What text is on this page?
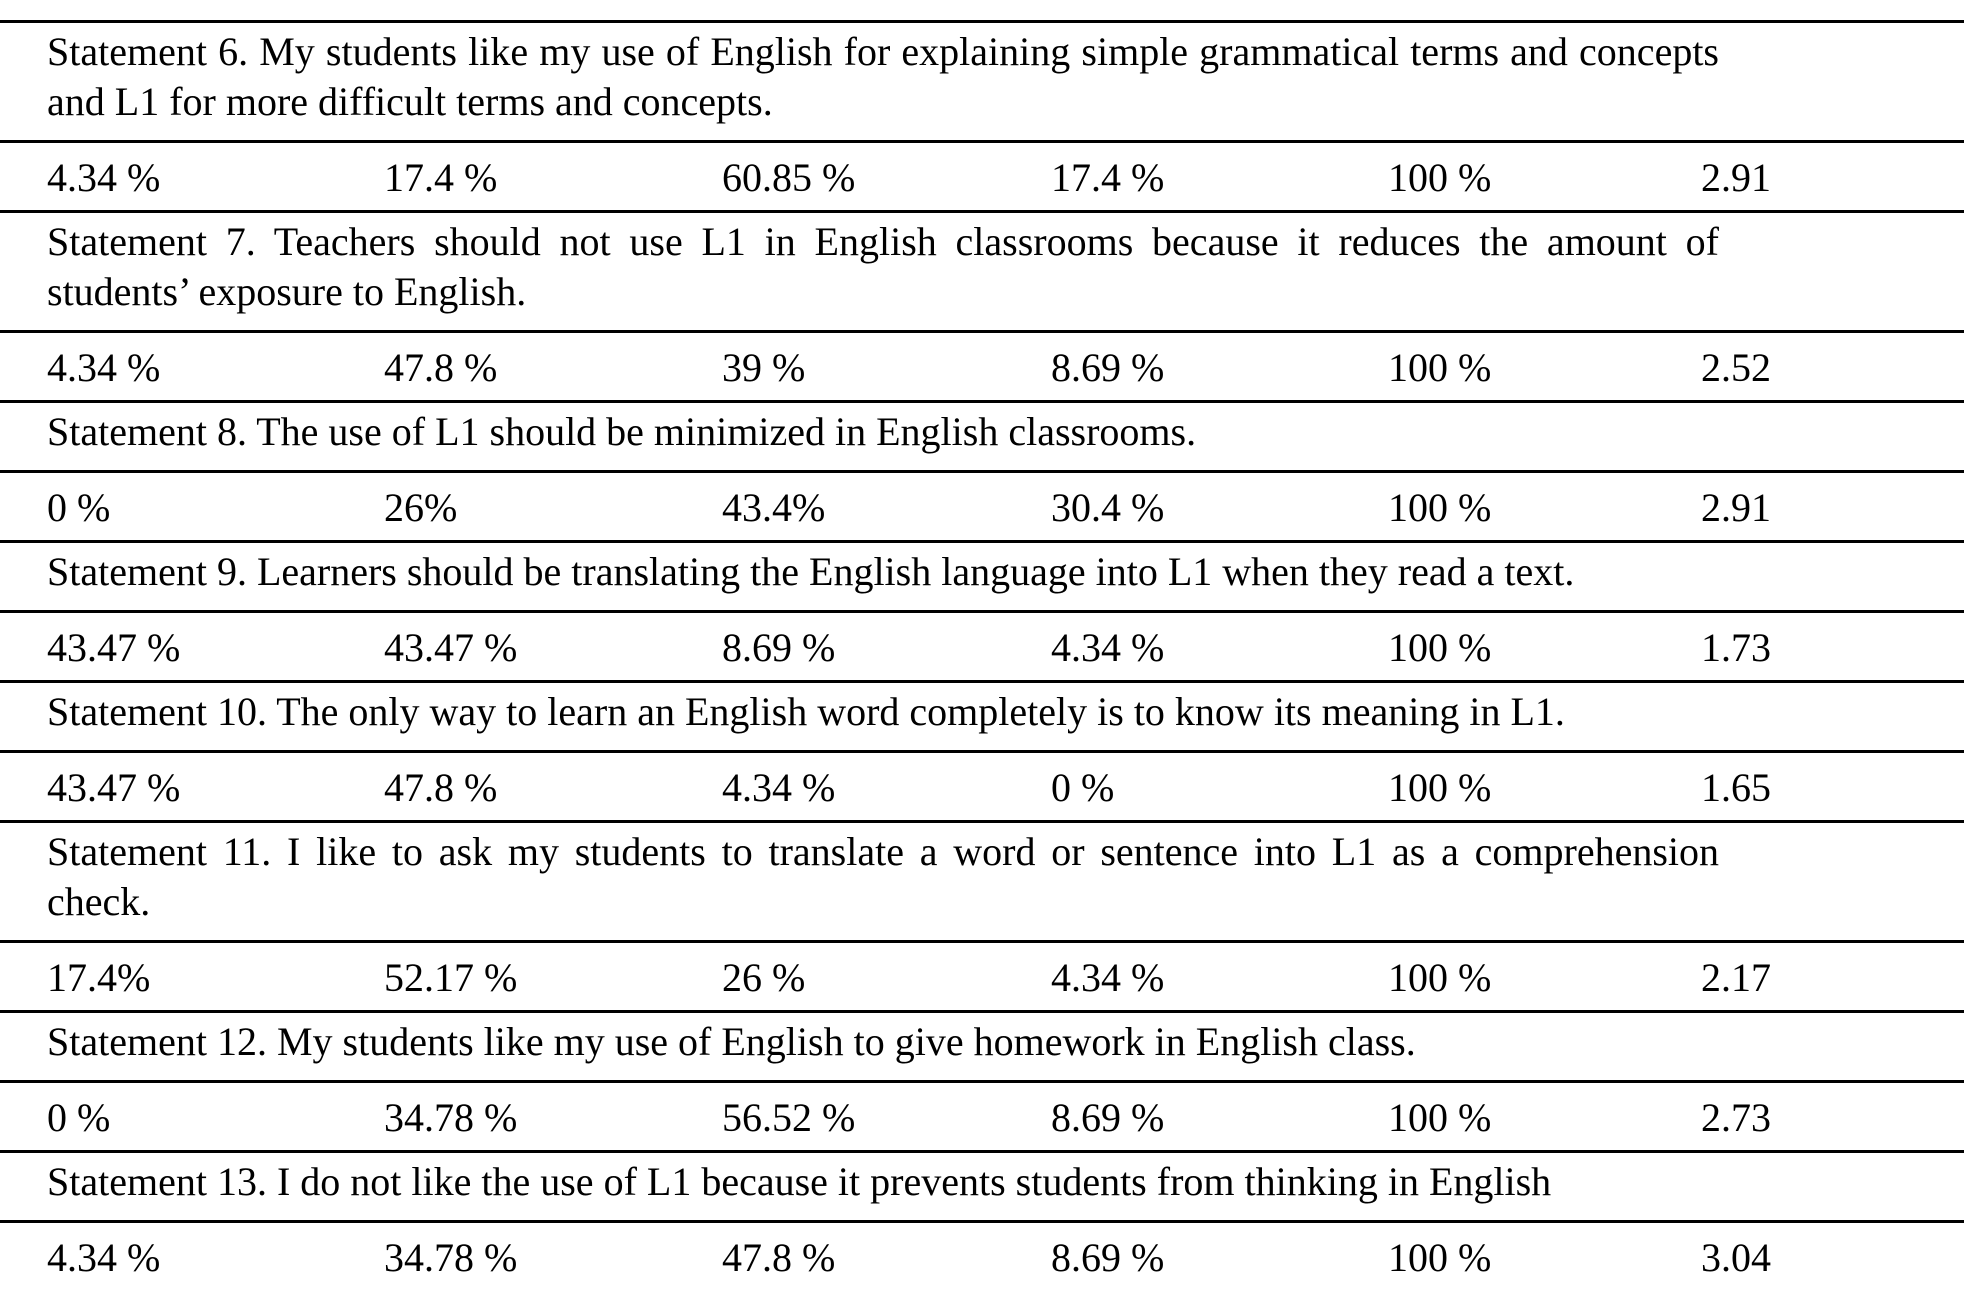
Statement 6. My students like my use of English for explaining simple grammatical terms and concepts and L1 for more difficult terms and concepts.
4.34 %	17.4 %	60.85 %	17.4 %	100 %	2.91
Statement 7. Teachers should not use L1 in English classrooms because it reduces the amount of students’ exposure to English.
4.34 %	47.8 %	39 %	8.69 %	100 %	2.52
Statement 8. The use of L1 should be minimized in English classrooms.
0 %	26%	43.4%	30.4 %	100 %	2.91
Statement 9. Learners should be translating the English language into L1 when they read a text.
43.47 %	43.47 %	8.69 %	4.34 %	100 %	1.73
Statement 10. The only way to learn an English word completely is to know its meaning in L1.
43.47 %	47.8 %	4.34 %	0 %	100 %	1.65
Statement 11. I like to ask my students to translate a word or sentence into L1 as a comprehension check.
17.4%	52.17 %	26 %	4.34 %	100 %	2.17
Statement 12. My students like my use of English to give homework in English class.
0 %	34.78 %	56.52 %	8.69 %	100 %	2.73
Statement 13. I do not like the use of L1 because it prevents students from thinking in English
4.34 %	34.78 %	47.8 %	8.69 %	100 %	3.04
